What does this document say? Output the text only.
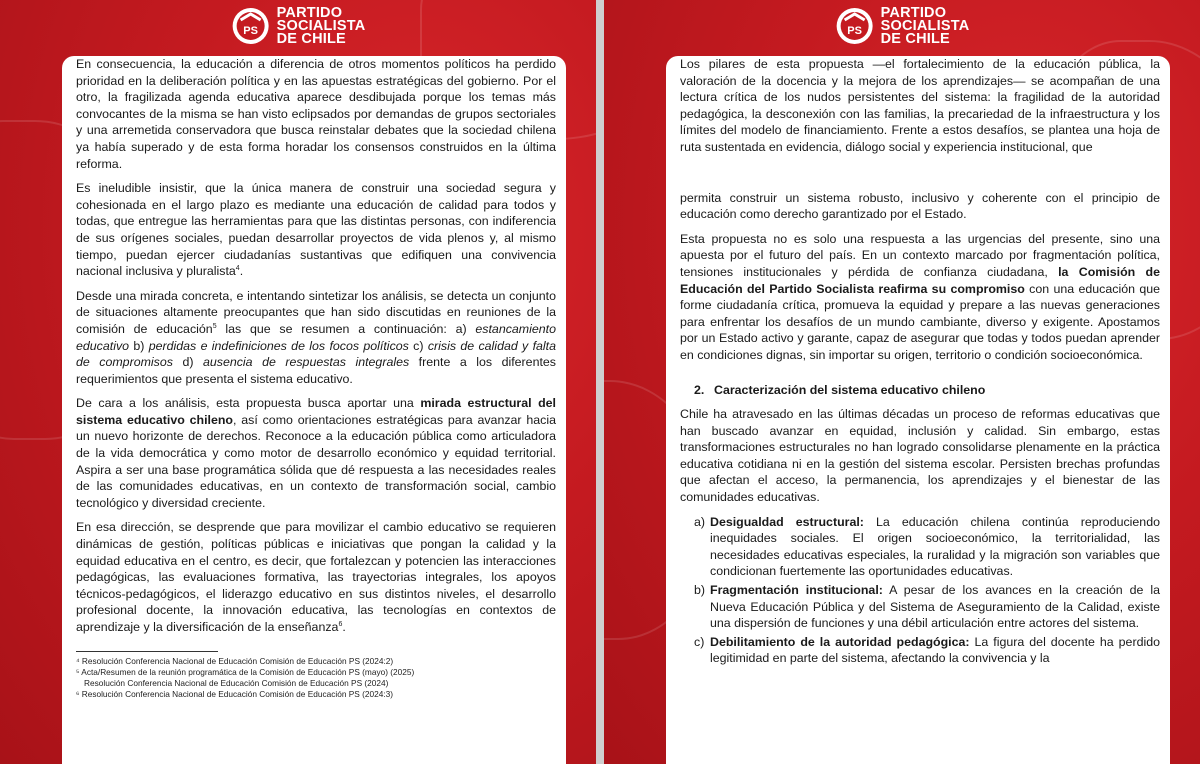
PS
PARTIDO
SOCIALISTA
DE CHILE

En consecuencia, la educación a diferencia de otros momentos políticos ha perdido prioridad en la deliberación política y en las apuestas estratégicas del gobierno. Por el otro, la fragilizada agenda educativa aparece desdibujada porque los temas más convocantes de la misma se han visto eclipsados por demandas de grupos sectoriales y una arremetida conservadora que busca reinstalar debates que la sociedad chilena ya había superado y de esta forma horadar los consensos construidos en la última reforma.

Es ineludible insistir, que la única manera de construir una sociedad segura y cohesionada en el largo plazo es mediante una educación de calidad para todos y todas, que entregue las herramientas para que las distintas personas, con indiferencia de sus orígenes sociales, puedan desarrollar proyectos de vida plenos y, al mismo tiempo, puedan ejercer ciudadanías sustantivas que edifiquen una convivencia nacional inclusiva y pluralista$^4$.

Desde una mirada concreta, e intentando sintetizar los análisis, se detecta un conjunto de situaciones altamente preocupantes que han sido discutidas en reuniones de la comisión de educación$^5$ las que se resumen a continuación: a) estancamiento educativo b) perdidas e indefiniciones de los focos políticos c) crisis de calidad y falta de compromisos d) ausencia de respuestas integrales frente a los diferentes requerimientos que presenta el sistema educativo.

De cara a los análisis, esta propuesta busca aportar una mirada estructural del sistema educativo chileno, así como orientaciones estratégicas para avanzar hacia un nuevo horizonte de derechos. Reconoce a la educación pública como articuladora de la vida democrática y como motor de desarrollo económico y equidad territorial. Aspira a ser una base programática sólida que dé respuesta a las necesidades reales de las comunidades educativas, en un contexto de transformación social, cambio tecnológico y diversidad creciente.

En esa dirección, se desprende que para movilizar el cambio educativo se requieren dinámicas de gestión, políticas públicas e iniciativas que pongan la calidad y la equidad educativa en el centro, es decir, que fortalezcan y potencien las interacciones pedagógicas, las evaluaciones formativa, las trayectorias integrales, los apoyos técnicos-pedagógicos, el liderazgo educativo en sus distintos niveles, el desarrollo profesional docente, la innovación educativa, las tecnologías en contextos de aprendizaje y la diversificación de la enseñanza$^6$.

⁴ Resolución Conferencia Nacional de Educación Comisión de Educación PS (2024:2)
⁵ Acta/Resumen de la reunión programática de la Comisión de Educación PS (mayo) (2025)
Resolución Conferencia Nacional de Educación Comisión de Educación PS (2024)
⁶ Resolución Conferencia Nacional de Educación Comisión de Educación PS (2024:3)
PS
PARTIDO
SOCIALISTA
DE CHILE

Los pilares de esta propuesta —el fortalecimiento de la educación pública, la valoración de la docencia y la mejora de los aprendizajes— se acompañan de una lectura crítica de los nudos persistentes del sistema: la fragilidad de la autoridad pedagógica, la desconexión con las familias, la precariedad de la infraestructura y los límites del modelo de financiamiento. Frente a estos desafíos, se plantea una hoja de ruta sustentada en evidencia, diálogo social y experiencia institucional, que

permita construir un sistema robusto, inclusivo y coherente con el principio de educación como derecho garantizado por el Estado.

Esta propuesta no es solo una respuesta a las urgencias del presente, sino una apuesta por el futuro del país. En un contexto marcado por fragmentación política, tensiones institucionales y pérdida de confianza ciudadana, la Comisión de Educación del Partido Socialista reafirma su compromiso con una educación que forme ciudadanía crítica, promueva la equidad y prepare a las nuevas generaciones para enfrentar los desafíos de un mundo cambiante, diverso y exigente. Apostamos por un Estado activo y garante, capaz de asegurar que todas y todos puedan aprender en condiciones dignas, sin importar su origen, territorio o condición socioeconómica.

2. Caracterización del sistema educativo chileno

Chile ha atravesado en las últimas décadas un proceso de reformas educativas que han buscado avanzar en equidad, inclusión y calidad. Sin embargo, estas transformaciones estructurales no han logrado consolidarse plenamente en la práctica educativa cotidiana ni en la gestión del sistema escolar. Persisten brechas profundas que afectan el acceso, la permanencia, los aprendizajes y el bienestar de las comunidades educativas.

a) Desigualdad estructural: La educación chilena continúa reproduciendo inequidades sociales. El origen socioeconómico, la territorialidad, las necesidades educativas especiales, la ruralidad y la migración son variables que condicionan fuertemente las oportunidades educativas.
b) Fragmentación institucional: A pesar de los avances en la creación de la Nueva Educación Pública y del Sistema de Aseguramiento de la Calidad, existe una dispersión de funciones y una débil articulación entre actores del sistema.
c) Debilitamiento de la autoridad pedagógica: La figura del docente ha perdido legitimidad en parte del sistema, afectando la convivencia y la
